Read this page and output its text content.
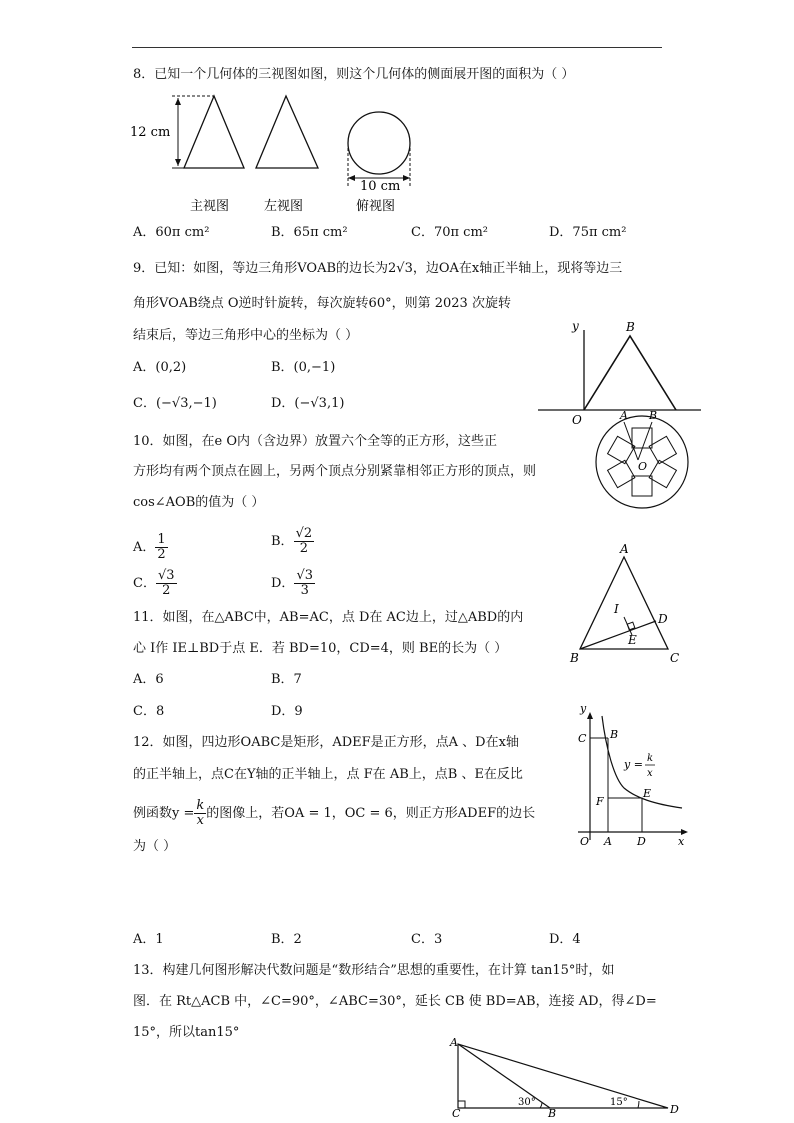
8．已知一个几何体的三视图如图，则这个几何体的侧面展开图的面积为（ ）
12 cm
10 cm
主视图	左视图	俯视图
A．60π cm²	B．65π cm²	C．70π cm²	D．75π cm²
9．已知：如图，等边三角形VOAB的边长为2√3，边OA在x轴正半轴上，现将等边三
角形VOAB绕点 O逆时针旋转，每次旋转60°，则第 2023 次旋转
结束后，等边三角形中心的坐标为（ ）
A．(0,2)	B．(0,−1)
C．(−√3,−1)	D．(−√3,1)
y	B
O
10．如图，在e O内（含边界）放置六个全等的正方形，这些正
方形均有两个顶点在圆上，另两个顶点分别紧靠相邻正方形的顶点，则
cos∠AOB的值为（ ）
A． $\frac{1}{2}$	B． $\frac{√2}{2}$
C． $\frac{√3}{2}$	D． $\frac{√3}{3}$
A B
O
11．如图，在△ABC中，AB=AC，点 D在 AC边上，过△ABD的内
心 I作 IE⊥BD于点 E．若 BD=10，CD=4，则 BE的长为（ ）
A．6	B．7
C．8	D．9
A
B	C
D
E
I
12．如图，四边形OABC是矩形，ADEF是正方形，点A 、D在x轴
的正半轴上，点C在Y轴的正半轴上，点 F在 AB上，点B 、E在反比
例函数$y = \frac{k}{x}$ 的图像上，若OA = 1，OC = 6，则正方形ADEF的边长
为（ ）
A．1	B．2	C．3	D．4
y
C B
F
E
O A D	x
y = k
x
13．构建几何图形解决代数问题是“数形结合”思想的重要性，在计算 tan15°时，如
图．在 Rt△ACB 中，∠C=90°，∠ABC=30°，延长 CB 使 BD=AB，连接 AD，得∠D=
15°，所以tan15°
A
C	B	D
30°	15°
